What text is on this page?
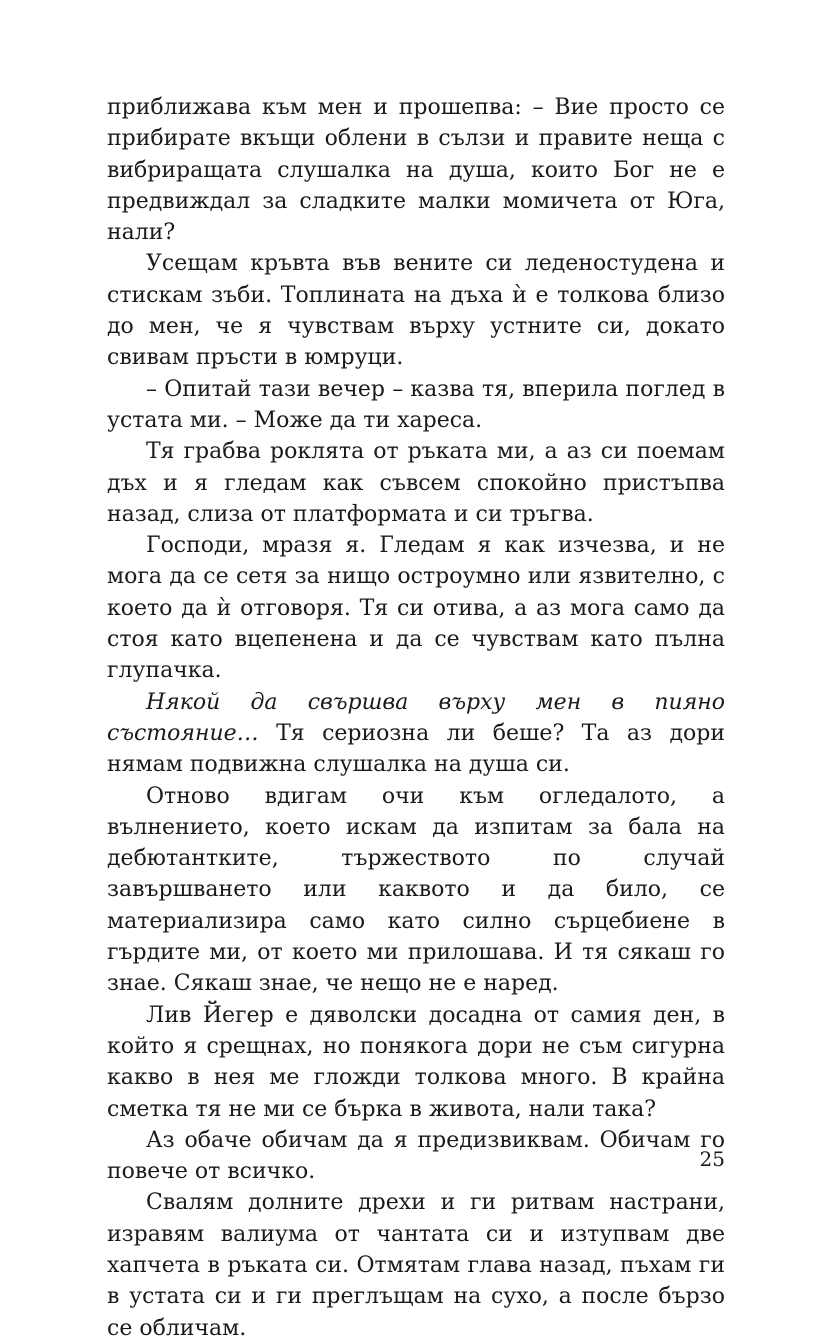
приближава към мен и прошепва: – Вие просто се прибирате вкъщи облени в сълзи и правите неща с вибриращата слушалка на душа, които Бог не е предвиждал за сладките малки момичета от Юга, нали?

Усещам кръвта във вените си леденостудена и стискам зъби. Топлината на дъха ѝ е толкова близо до мен, че я чувствам върху устните си, докато свивам пръсти в юмруци.

– Опитай тази вечер – казва тя, вперила поглед в устата ми. – Може да ти хареса.

Тя грабва роклята от ръката ми, а аз си поемам дъх и я гледам как съвсем спокойно пристъпва назад, слиза от платформата и си тръгва.

Господи, мразя я. Гледам я как изчезва, и не мога да се сетя за нищо остроумно или язвително, с което да ѝ отговоря. Тя си отива, а аз мога само да стоя като вцепенена и да се чувствам като пълна глупачка.

Някой да свършва върху мен в пияно състояние… Тя сериозна ли беше? Та аз дори нямам подвижна слушалка на душа си.

Отново вдигам очи към огледалото, а вълнението, което искам да изпитам за бала на дебютантките, тържеството по случай завършването или каквото и да било, се материализира само като силно сърцебиене в гърдите ми, от което ми прилошава. И тя сякаш го знае. Сякаш знае, че нещо не е наред.

Лив Йегер е дяволски досадна от самия ден, в който я срещнах, но понякога дори не съм сигурна какво в нея ме гложди толкова много. В крайна сметка тя не ми се бърка в живота, нали така?

Аз обаче обичам да я предизвиквам. Обичам го повече от всичко.

Свалям долните дрехи и ги ритвам настрани, изравям валиума от чантата си и изтупвам две хапчета в ръката си. Отмятам глава назад, пъхам ги в устата си и ги преглъщам на сухо, а после бързо се обличам.

25
